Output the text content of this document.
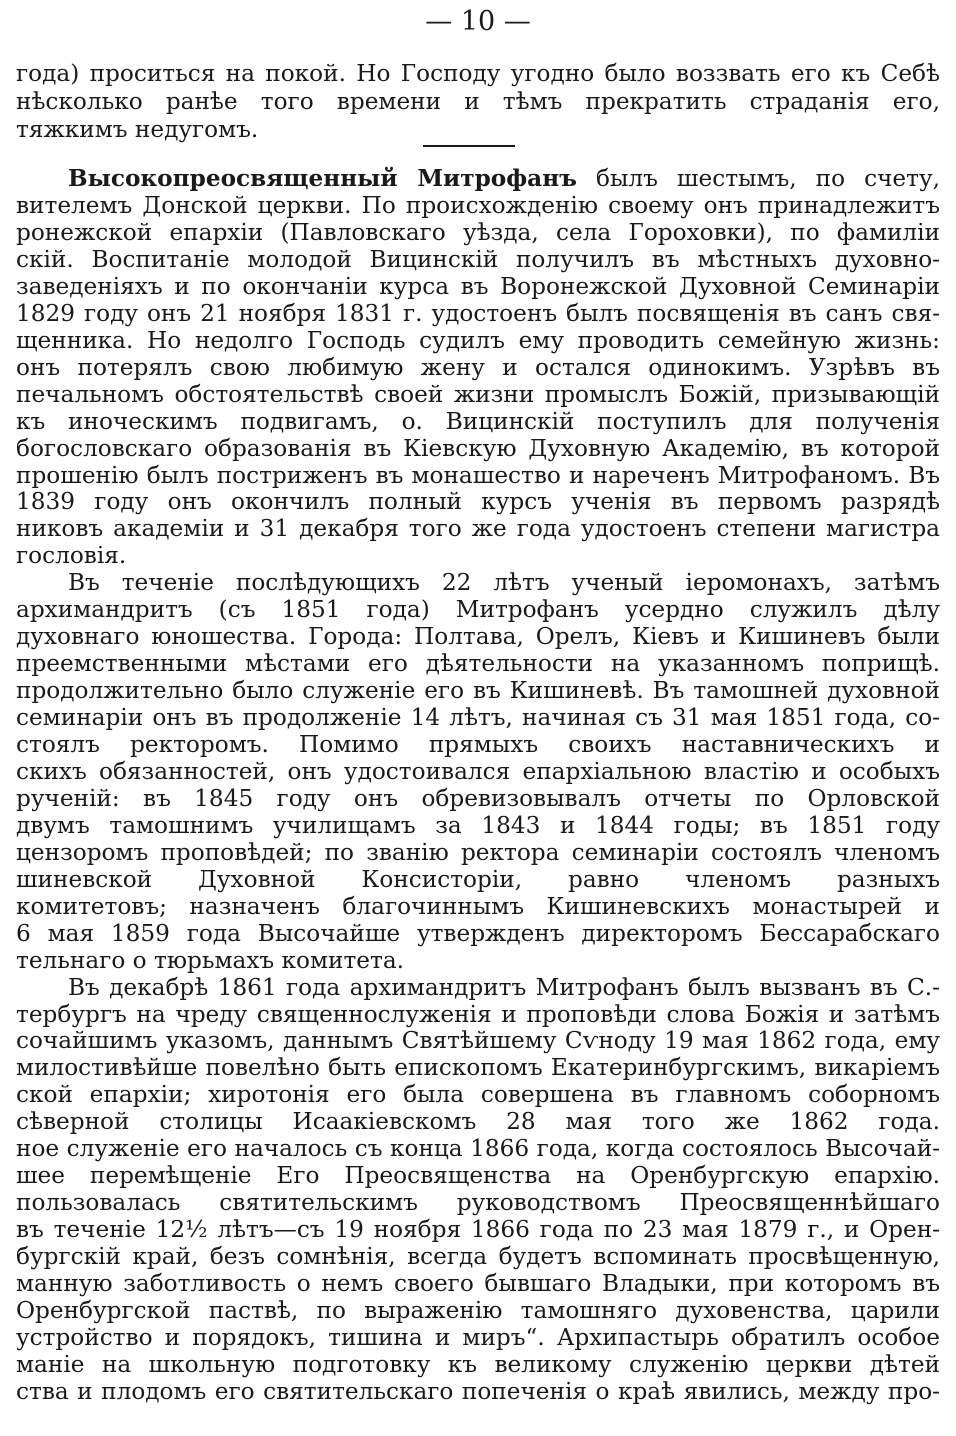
— 10 —
года) проситься на покой. Но Господу угодно было воззвать его къ Себѣ
нѣсколько ранѣе того времени и тѣмъ прекратить страданія его,
тяжкимъ недугомъ.
Высокопреосвященный Митрофанъ былъ шестымъ, по счету,
вителемъ Донской церкви. По происхожденію своему онъ принадлежитъ
ронежской епархіи (Павловскаго уѣзда, села Гороховки), по фамиліи
скій. Воспитаніе молодой Вицинскій получилъ въ мѣстныхъ духовно-
заведеніяхъ и по окончаніи курса въ Воронежской Духовной Семинаріи
1829 году онъ 21 ноября 1831 г. удостоенъ былъ посвященія въ санъ свя-
щенника. Но недолго Господь судилъ ему проводить семейную жизнь:
онъ потерялъ свою любимую жену и остался одинокимъ. Узрѣвъ въ
печальномъ обстоятельствѣ своей жизни промыслъ Божій, призывающій
къ иноческимъ подвигамъ, о. Вицинскій поступилъ для полученія
богословскаго образованія въ Кіевскую Духовную Академію, въ которой
прошенію былъ постриженъ въ монашество и нареченъ Митрофаномъ. Въ
1839 году онъ окончилъ полный курсъ ученія въ первомъ разрядѣ
никовъ академіи и 31 декабря того же года удостоенъ степени магистра
гословія.
Въ теченіе послѣдующихъ 22 лѣтъ ученый іеромонахъ, затѣмъ
архимандритъ (съ 1851 года) Митрофанъ усердно служилъ дѣлу
духовнаго юношества. Города: Полтава, Орелъ, Кіевъ и Кишиневъ были
преемственными мѣстами его дѣятельности на указанномъ поприщѣ.
продолжительно было служеніе его въ Кишиневѣ. Въ тамошней духовной
семинаріи онъ въ продолженіе 14 лѣтъ, начиная съ 31 мая 1851 года, со-
стоялъ ректоромъ. Помимо прямыхъ своихъ наставническихъ и
скихъ обязанностей, онъ удостоивался епархіальною властію и особыхъ
рученій: въ 1845 году онъ обревизовывалъ отчеты по Орловской
двумъ тамошнимъ училищамъ за 1843 и 1844 годы; въ 1851 году
цензоромъ проповѣдей; по званію ректора семинаріи состоялъ членомъ
шиневской Духовной Консисторіи, равно членомъ разныхъ
комитетовъ; назначенъ благочиннымъ Кишиневскихъ монастырей и
6 мая 1859 года Высочайше утвержденъ директоромъ Бессарабскаго
тельнаго о тюрьмахъ комитета.
Въ декабрѣ 1861 года архимандритъ Митрофанъ былъ вызванъ въ С.-
тербургъ на чреду священнослуженія и проповѣди слова Божія и затѣмъ
сочайшимъ указомъ, даннымъ Святѣйшему Сѵноду 19 мая 1862 года, ему
милостивѣйше повелѣно быть епископомъ Екатеринбургскимъ, викаріемъ
ской епархіи; хиротонія его была совершена въ главномъ соборномъ
сѣверной столицы Исаакіевскомъ 28 мая того же 1862 года.
ное служеніе его началось съ конца 1866 года, когда состоялось Высочай-
шее перемѣщеніе Его Преосвященства на Оренбургскую епархію.
пользовалась святительскимъ руководствомъ Преосвященнѣйшаго
въ теченіе 12½ лѣтъ—съ 19 ноября 1866 года по 23 мая 1879 г., и Орен-
бургскій край, безъ сомнѣнія, всегда будетъ вспоминать просвѣщенную,
манную заботливость о немъ своего бывшаго Владыки, при которомъ въ
Оренбургской паствѣ, по выраженію тамошняго духовенства, царили
устройство и порядокъ, тишина и миръ“. Архипастырь обратилъ особое
маніе на школьную подготовку къ великому служенію церкви дѣтей
ства и плодомъ его святительскаго попеченія о краѣ явились, между про-
